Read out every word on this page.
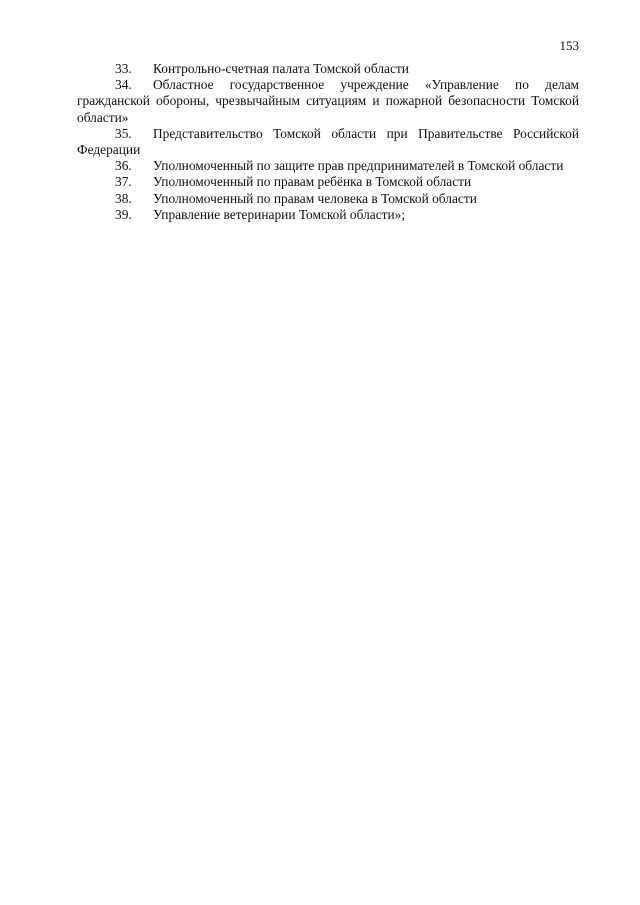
153

33. Контрольно-счетная палата Томской области

34. Областное государственное учреждение «Управление по делам гражданской обороны, чрезвычайным ситуациям и пожарной безопасности Томской области»

35. Представительство Томской области при Правительстве Российской Федерации

36. Уполномоченный по защите прав предпринимателей в Томской области

37. Уполномоченный по правам ребёнка в Томской области

38. Уполномоченный по правам человека в Томской области

39. Управление ветеринарии Томской области»;
